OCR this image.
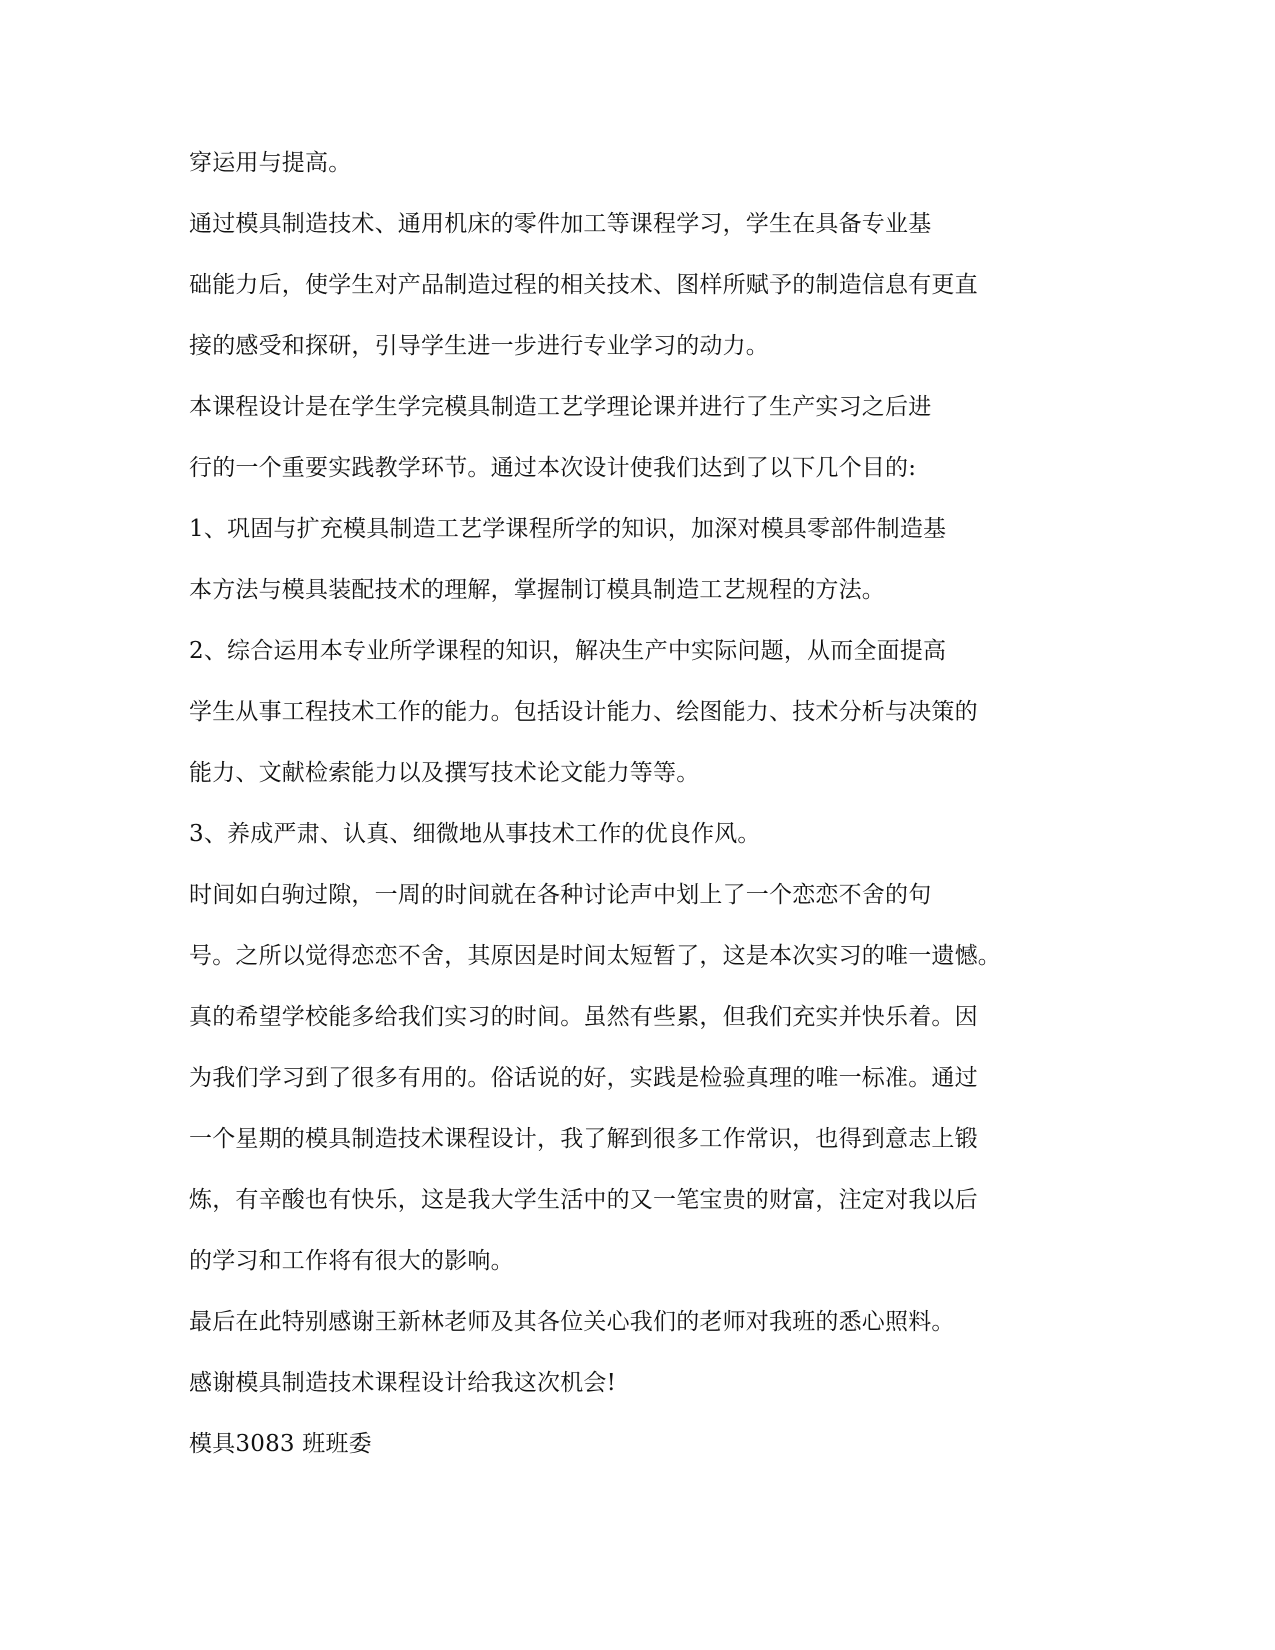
穿运用与提高。
通过模具制造技术、通用机床的零件加工等课程学习，学生在具备专业基
础能力后，使学生对产品制造过程的相关技术、图样所赋予的制造信息有更直
接的感受和探研，引导学生进一步进行专业学习的动力。
本课程设计是在学生学完模具制造工艺学理论课并进行了生产实习之后进
行的一个重要实践教学环节。通过本次设计使我们达到了以下几个目的:
1、巩固与扩充模具制造工艺学课程所学的知识，加深对模具零部件制造基
本方法与模具装配技术的理解，掌握制订模具制造工艺规程的方法。
2、综合运用本专业所学课程的知识，解决生产中实际问题，从而全面提高
学生从事工程技术工作的能力。包括设计能力、绘图能力、技术分析与决策的
能力、文献检索能力以及撰写技术论文能力等等。
3、养成严肃、认真、细微地从事技术工作的优良作风。
时间如白驹过隙，一周的时间就在各种讨论声中划上了一个恋恋不舍的句
号。之所以觉得恋恋不舍，其原因是时间太短暂了，这是本次实习的唯一遗憾。
真的希望学校能多给我们实习的时间。虽然有些累，但我们充实并快乐着。因
为我们学习到了很多有用的。俗话说的好，实践是检验真理的唯一标准。通过
一个星期的模具制造技术课程设计，我了解到很多工作常识，也得到意志上锻
炼，有辛酸也有快乐，这是我大学生活中的又一笔宝贵的财富，注定对我以后
的学习和工作将有很大的影响。
最后在此特别感谢王新林老师及其各位关心我们的老师对我班的悉心照料。
感谢模具制造技术课程设计给我这次机会!
模具3083 班班委
